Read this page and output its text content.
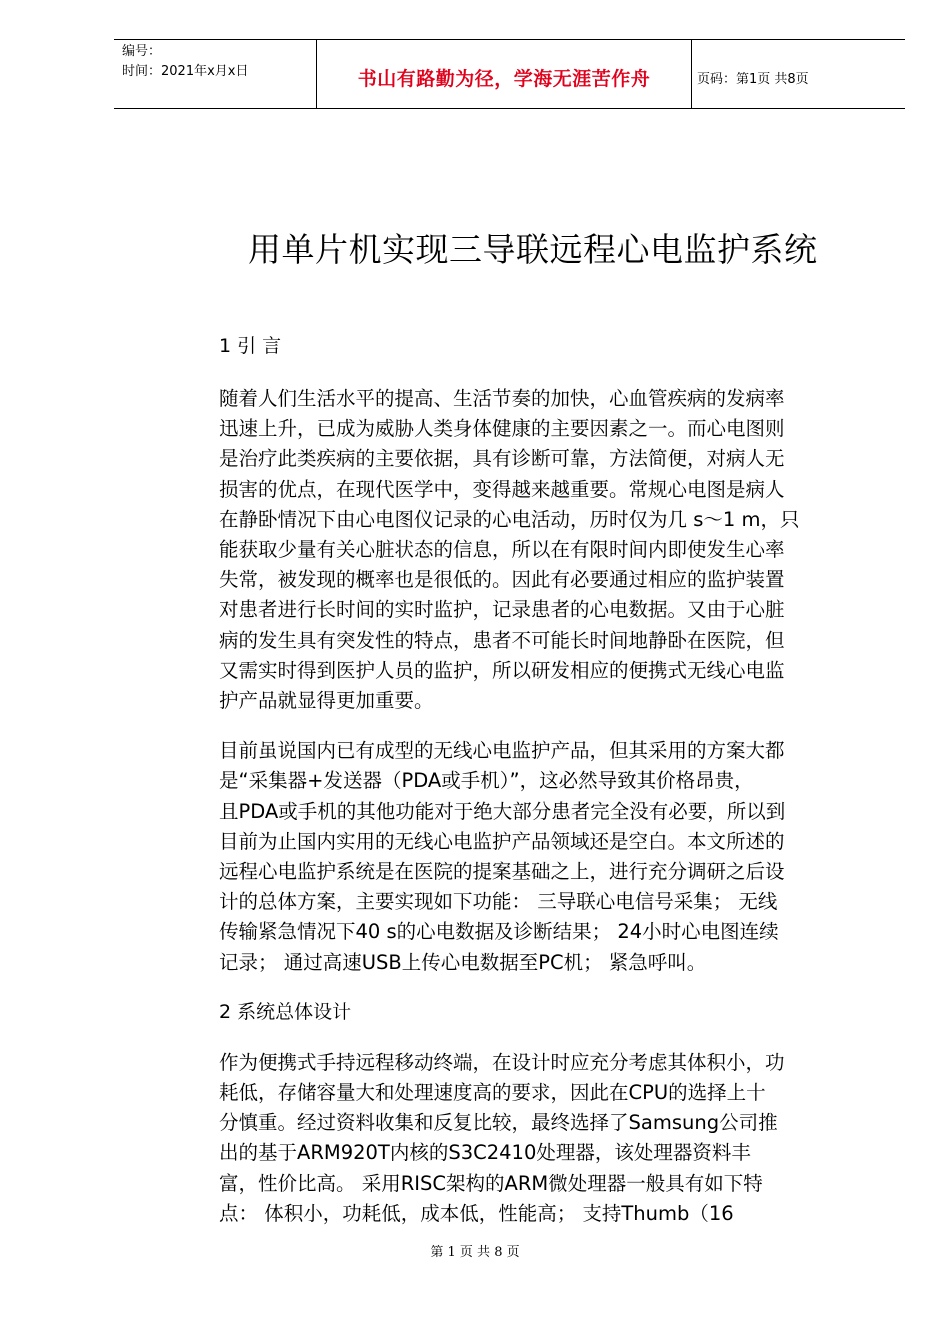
编号：
时间：2021年x月x日	书山有路勤为径，学海无涯苦作舟	页码：第1页 共8页
用单片机实现三导联远程心电监护系统

1 引 言

随着人们生活水平的提高、生活节奏的加快，心血管疾病的发病率
迅速上升，已成为威胁人类身体健康的主要因素之一。而心电图则
是治疗此类疾病的主要依据，具有诊断可靠，方法简便，对病人无
损害的优点，在现代医学中，变得越来越重要。常规心电图是病人
在静卧情况下由心电图仪记录的心电活动，历时仅为几 s～1 m，只
能获取少量有关心脏状态的信息，所以在有限时间内即使发生心率
失常，被发现的概率也是很低的。因此有必要通过相应的监护装置
对患者进行长时间的实时监护，记录患者的心电数据。又由于心脏
病的发生具有突发性的特点，患者不可能长时间地静卧在医院，但
又需实时得到医护人员的监护，所以研发相应的便携式无线心电监
护产品就显得更加重要。

目前虽说国内已有成型的无线心电监护产品，但其采用的方案大都
是“采集器+发送器（PDA或手机）”，这必然导致其价格昂贵，
且PDA或手机的其他功能对于绝大部分患者完全没有必要，所以到
目前为止国内实用的无线心电监护产品领域还是空白。本文所述的
远程心电监护系统是在医院的提案基础之上，进行充分调研之后设
计的总体方案，主要实现如下功能： 三导联心电信号采集； 无线
传输紧急情况下40 s的心电数据及诊断结果； 24小时心电图连续
记录； 通过高速USB上传心电数据至PC机； 紧急呼叫。

2 系统总体设计

作为便携式手持远程移动终端，在设计时应充分考虑其体积小，功
耗低，存储容量大和处理速度高的要求，因此在CPU的选择上十
分慎重。经过资料收集和反复比较，最终选择了Samsung公司推
出的基于ARM920T内核的S3C2410处理器，该处理器资料丰
富，性价比高。 采用RISC架构的ARM微处理器一般具有如下特
点： 体积小，功耗低，成本低，性能高； 支持Thumb（16

第 1 页 共 8 页
